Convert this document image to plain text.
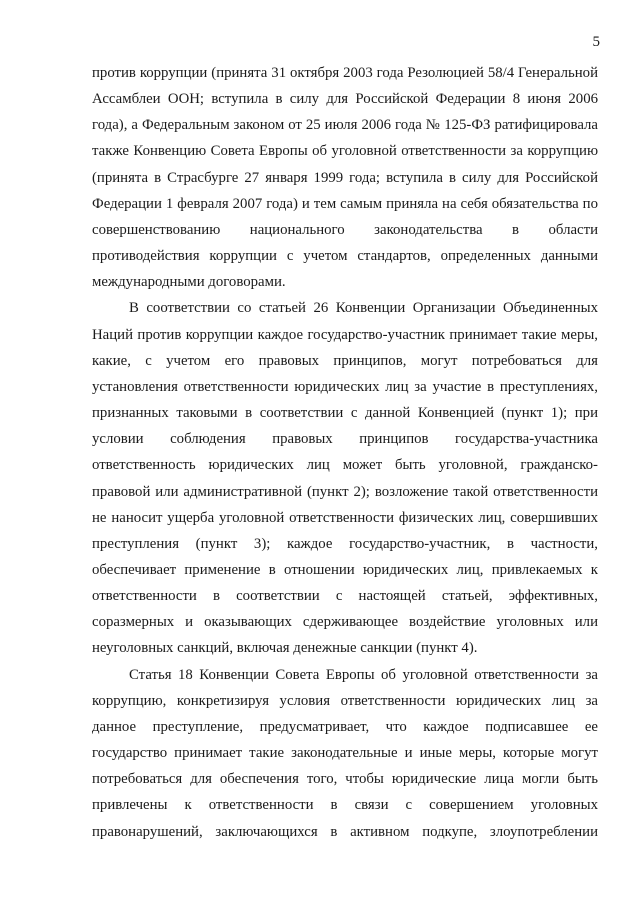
5

против коррупции (принята 31 октября 2003 года Резолюцией 58/4 Генеральной Ассамблеи ООН; вступила в силу для Российской Федерации 8 июня 2006 года), а Федеральным законом от 25 июля 2006 года № 125-ФЗ ратифицировала также Конвенцию Совета Европы об уголовной ответственности за коррупцию (принята в Страсбурге 27 января 1999 года; вступила в силу для Российской Федерации 1 февраля 2007 года) и тем самым приняла на себя обязательства по совершенствованию национального законодательства в области противодействия коррупции с учетом стандартов, определенных данными международными договорами.

В соответствии со статьей 26 Конвенции Организации Объединенных Наций против коррупции каждое государство-участник принимает такие меры, какие, с учетом его правовых принципов, могут потребоваться для установления ответственности юридических лиц за участие в преступлениях, признанных таковыми в соответствии с данной Конвенцией (пункт 1); при условии соблюдения правовых принципов государства-участника ответственность юридических лиц может быть уголовной, гражданско-правовой или административной (пункт 2); возложение такой ответственности не наносит ущерба уголовной ответственности физических лиц, совершивших преступления (пункт 3); каждое государство-участник, в частности, обеспечивает применение в отношении юридических лиц, привлекаемых к ответственности в соответствии с настоящей статьей, эффективных, соразмерных и оказывающих сдерживающее воздействие уголовных или неуголовных санкций, включая денежные санкции (пункт 4).

Статья 18 Конвенции Совета Европы об уголовной ответственности за коррупцию, конкретизируя условия ответственности юридических лиц за данное преступление, предусматривает, что каждое подписавшее ее государство принимает такие законодательные и иные меры, которые могут потребоваться для обеспечения того, чтобы юридические лица могли быть привлечены к ответственности в связи с совершением уголовных правонарушений, заключающихся в активном подкупе, злоупотреблении
